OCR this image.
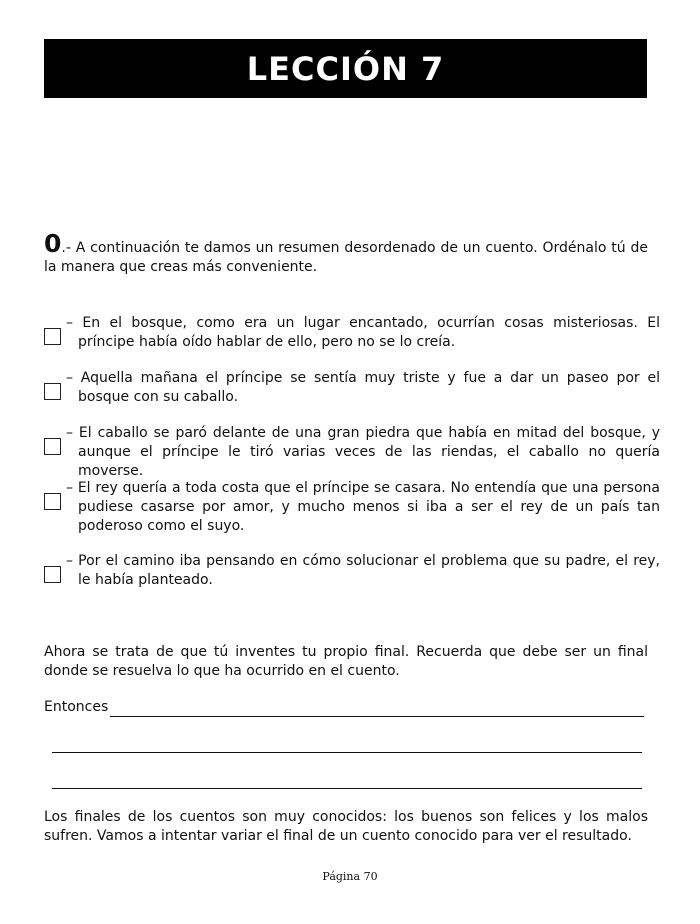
LECCIÓN 7
0.- A continuación te damos un resumen desordenado de un cuento. Ordénalo tú de la manera que creas más conveniente.
– En el bosque, como era un lugar encantado, ocurrían cosas misteriosas. El príncipe había oído hablar de ello, pero no se lo creía.
– Aquella mañana el príncipe se sentía muy triste y fue a dar un paseo por el bosque con su caballo.
– El caballo se paró delante de una gran piedra que había en mitad del bosque, y aunque el príncipe le tiró varias veces de las riendas, el caballo no quería moverse.
– El rey quería a toda costa que el príncipe se casara. No entendía que una persona pudiese casarse por amor, y mucho menos si iba a ser el rey de un país tan poderoso como el suyo.
– Por el camino iba pensando en cómo solucionar el problema que su padre, el rey, le había planteado.
Ahora se trata de que tú inventes tu propio final. Recuerda que debe ser un final donde se resuelva lo que ha ocurrido en el cuento.
Entonces
Los finales de los cuentos son muy conocidos: los buenos son felices y los malos sufren. Vamos a intentar variar el final de un cuento conocido para ver el resultado.
Página 70
